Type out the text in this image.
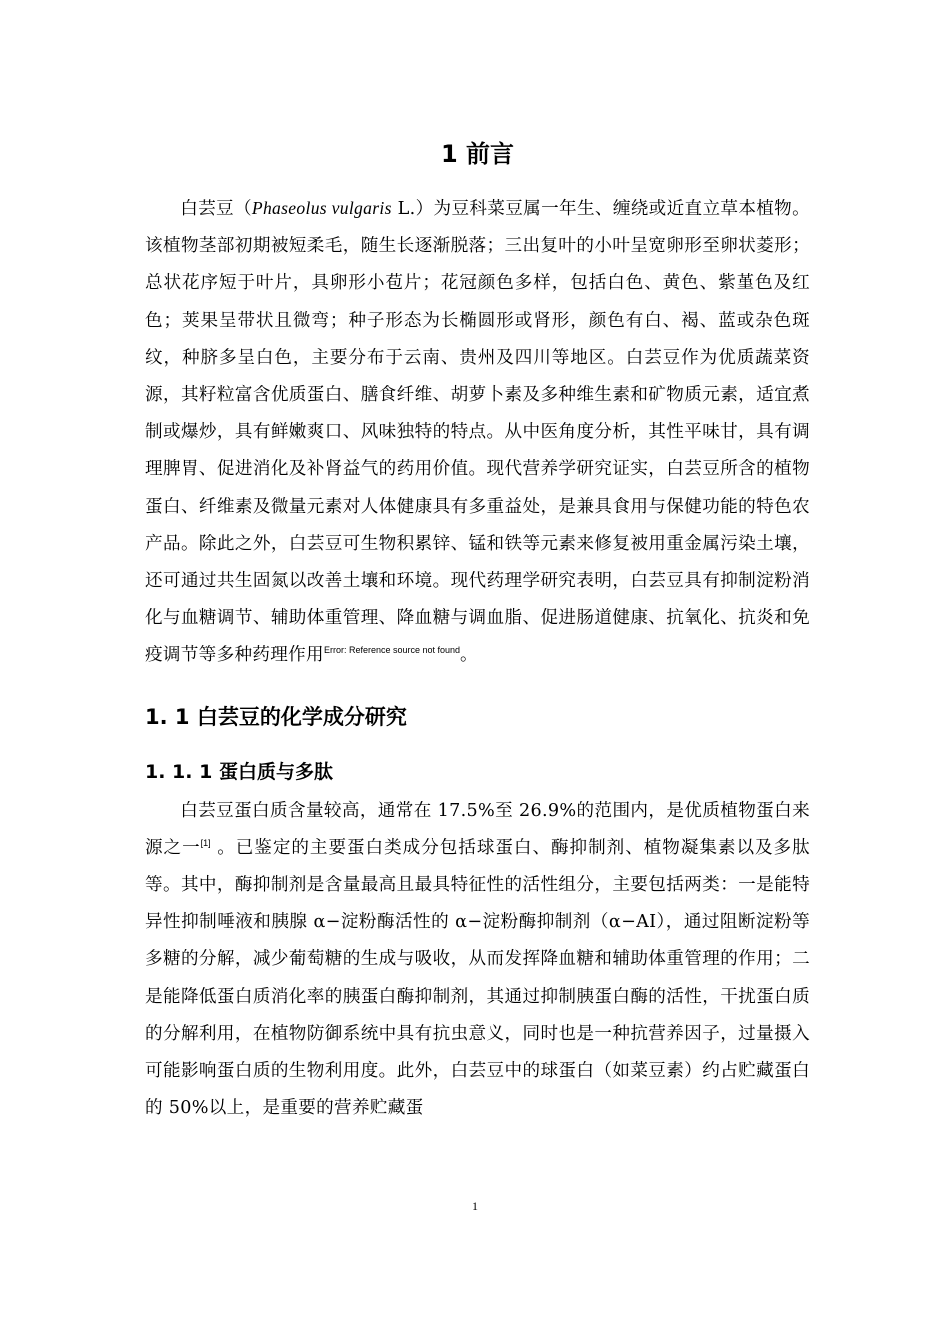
1 前言

白芸豆（Phaseolus vulgaris L.）为豆科菜豆属一年生、缠绕或近直立草本植物。该植物茎部初期被短柔毛，随生长逐渐脱落；三出复叶的小叶呈宽卵形至卵状菱形；总状花序短于叶片，具卵形小苞片；花冠颜色多样，包括白色、黄色、紫堇色及红色；荚果呈带状且微弯；种子形态为长椭圆形或肾形，颜色有白、褐、蓝或杂色斑纹，种脐多呈白色，主要分布于云南、贵州及四川等地区。白芸豆作为优质蔬菜资源，其籽粒富含优质蛋白、膳食纤维、胡萝卜素及多种维生素和矿物质元素，适宜煮制或爆炒，具有鲜嫩爽口、风味独特的特点。从中医角度分析，其性平味甘，具有调理脾胃、促进消化及补肾益气的药用价值。现代营养学研究证实，白芸豆所含的植物蛋白、纤维素及微量元素对人体健康具有多重益处，是兼具食用与保健功能的特色农产品。除此之外，白芸豆可生物积累锌、锰和铁等元素来修复被用重金属污染土壤，还可通过共生固氮以改善土壤和环境。现代药理学研究表明，白芸豆具有抑制淀粉消化与血糖调节、辅助体重管理、降血糖与调血脂、促进肠道健康、抗氧化、抗炎和免疫调节等多种药理作用$^{Error: Reference source not found}$。

1. 1 白芸豆的化学成分研究
1. 1. 1 蛋白质与多肽

白芸豆蛋白质含量较高，通常在 17.5%至 26.9%的范围内，是优质植物蛋白来源之一[1] 。已鉴定的主要蛋白类成分包括球蛋白、酶抑制剂、植物凝集素以及多肽等。其中，酶抑制剂是含量最高且最具特征性的活性组分，主要包括两类：一是能特异性抑制唾液和胰腺 α−淀粉酶活性的 α−淀粉酶抑制剂（α−AI），通过阻断淀粉等多糖的分解，减少葡萄糖的生成与吸收，从而发挥降血糖和辅助体重管理的作用；二是能降低蛋白质消化率的胰蛋白酶抑制剂，其通过抑制胰蛋白酶的活性，干扰蛋白质的分解利用，在植物防御系统中具有抗虫意义，同时也是一种抗营养因子，过量摄入可能影响蛋白质的生物利用度。此外，白芸豆中的球蛋白（如菜豆素）约占贮藏蛋白的 50%以上，是重要的营养贮藏蛋

1
